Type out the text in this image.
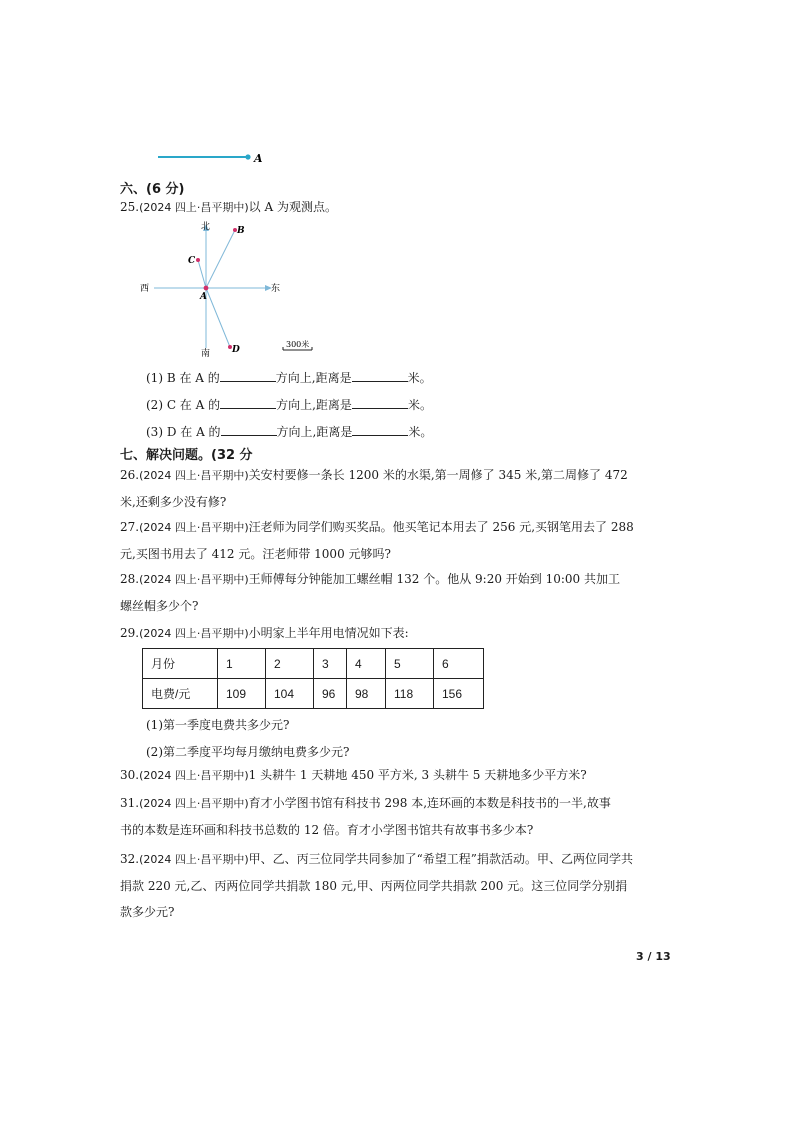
A
六、(6 分)
25.(2024 四上·昌平期中)以 A 为观测点。
北
南
东
西
A
B
C
D
300米
(1) B 在 A 的	方向上,距离是	米。
(2) C 在 A 的	方向上,距离是	米。
(3) D 在 A 的	方向上,距离是	米。
七、解决问题。(32 分
26.(2024 四上·昌平期中)关安村要修一条长 1200 米的水渠,第一周修了 345 米,第二周修了 472
米,还剩多少没有修?
27.(2024 四上·昌平期中)汪老师为同学们购买奖品。他买笔记本用去了 256 元,买钢笔用去了 288
元,买图书用去了 412 元。汪老师带 1000 元够吗?
28.(2024 四上·昌平期中)王师傅每分钟能加工螺丝帽 132 个。他从 9:20 开始到 10:00 共加工
螺丝帽多少个?
29.(2024 四上·昌平期中)小明家上半年用电情况如下表:
月份	1	2	3	4	5	6
电费/元	109	104	96	98	118	156
(1)第一季度电费共多少元?
(2)第二季度平均每月缴纳电费多少元?
30.(2024 四上·昌平期中)1 头耕牛 1 天耕地 450 平方米, 3 头耕牛 5 天耕地多少平方米?
31.(2024 四上·昌平期中)育才小学图书馆有科技书 298 本,连环画的本数是科技书的一半,故事
书的本数是连环画和科技书总数的 12 倍。育才小学图书馆共有故事书多少本?
32.(2024 四上·昌平期中)甲、乙、丙三位同学共同参加了“希望工程”捐款活动。甲、乙两位同学共
捐款 220 元,乙、丙两位同学共捐款 180 元,甲、丙两位同学共捐款 200 元。这三位同学分别捐
款多少元?
3 / 13
